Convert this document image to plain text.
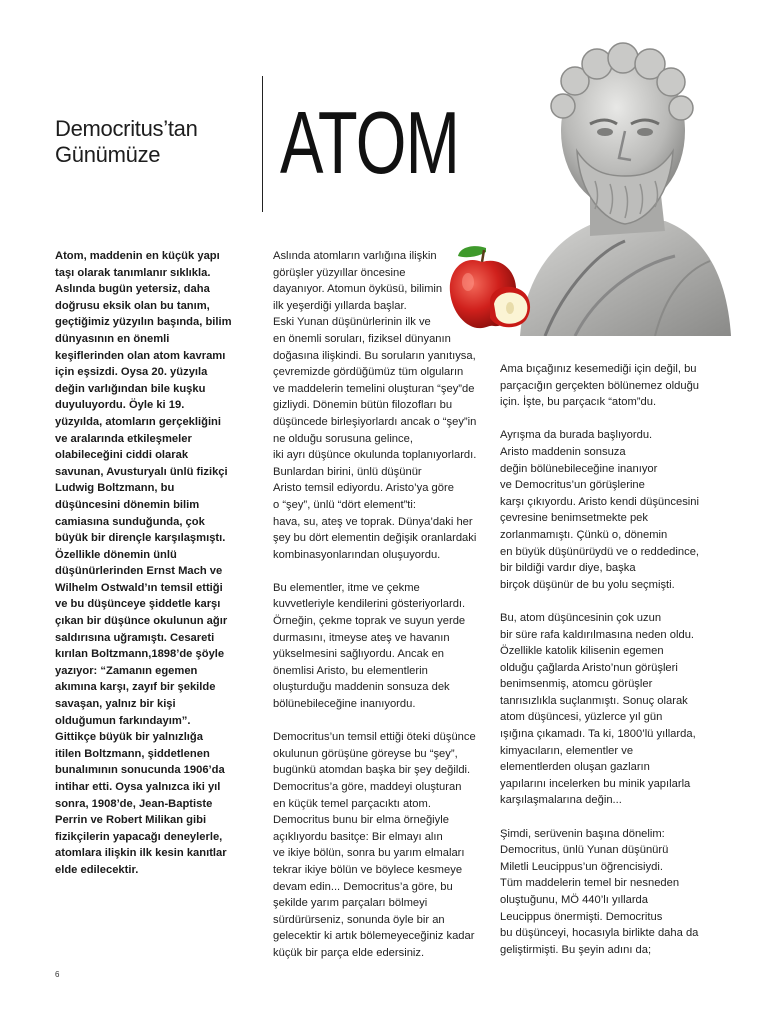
Democritus’tan
Günümüze	ATOM
Atom, maddenin en küçük yapı
taşı olarak tanımlanır sıklıkla.
Aslında bugün yetersiz, daha
doğrusu eksik olan bu tanım,
geçtiğimiz yüzyılın başında, bilim
dünyasının en önemli
keşiflerinden olan atom kavramı
için eşsizdi. Oysa 20. yüzyıla
değin varlığından bile kuşku
duyuluyordu. Öyle ki 19.
yüzyılda, atomların gerçekliğini
ve aralarında etkileşmeler
olabileceğini ciddi olarak
savunan, Avusturyalı ünlü fizikçi
Ludwig Boltzmann, bu
düşüncesini dönemin bilim
camiasına sunduğunda, çok
büyük bir dirençle karşılaşmıştı.
Özellikle dönemin ünlü
düşünürlerinden Ernst Mach ve
Wilhelm Ostwald’ın temsil ettiği
ve bu düşünceye şiddetle karşı
çıkan bir düşünce okulunun ağır
saldırısına uğramıştı. Cesareti
kırılan Boltzmann,1898’de şöyle
yazıyor: “Zamanın egemen
akımına karşı, zayıf bir şekilde
savaşan, yalnız bir kişi
olduğumun farkındayım”.
Gittikçe büyük bir yalnızlığa
itilen Boltzmann, şiddetlenen
bunalımının sonucunda 1906’da
intihar etti. Oysa yalnızca iki yıl
sonra, 1908’de, Jean-Baptiste
Perrin ve Robert Milikan gibi
fizikçilerin yapacağı deneylerle,
atomlara ilişkin ilk kesin kanıtlar
elde edilecektir.

Aslında atomların varlığına ilişkin
görüşler yüzyıllar öncesine
dayanıyor. Atomun öyküsü, bilimin
ilk yeşerdiği yıllarda başlar.
Eski Yunan düşünürlerinin ilk ve
en önemli soruları, fiziksel dünyanın
doğasına ilişkindi. Bu soruların yanıtıysa,
çevremizde gördüğümüz tüm olguların
ve maddelerin temelini oluşturan “şey”de
gizliydi. Dönemin bütün filozofları bu
düşüncede birleşiyorlardı ancak o “şey”in
ne olduğu sorusuna gelince,
iki ayrı düşünce okulunda toplanıyorlardı.
Bunlardan birini, ünlü düşünür
Aristo temsil ediyordu. Aristo’ya göre
o “şey”, ünlü “dört element”ti:
hava, su, ateş ve toprak. Dünya’daki her
şey bu dört elementin değişik oranlardaki
kombinasyonlarından oluşuyordu.

Bu elementler, itme ve çekme
kuvvetleriyle kendilerini gösteriyorlardı.
Örneğin, çekme toprak ve suyun yerde
durmasını, itmeyse ateş ve havanın
yükselmesini sağlıyordu. Ancak en
önemlisi Aristo, bu elementlerin
oluşturduğu maddenin sonsuza dek
bölünebileceğine inanıyordu.

Democritus’un temsil ettiği öteki düşünce
okulunun görüşüne göreyse bu “şey”,
bugünkü atomdan başka bir şey değildi.
Democritus’a göre, maddeyi oluşturan
en küçük temel parçacıktı atom.
Democritus bunu bir elma örneğiyle
açıklıyordu basitçe: Bir elmayı alın
ve ikiye bölün, sonra bu yarım elmaları
tekrar ikiye bölün ve böylece kesmeye
devam edin... Democritus’a göre, bu
şekilde yarım parçaları bölmeyi
sürdürürseniz, sonunda öyle bir an
gelecektir ki artık bölemeyeceğiniz kadar
küçük bir parça elde edersiniz.

Ama bıçağınız kesemediği için değil, bu
parçacığın gerçekten bölünemez olduğu
için. İşte, bu parçacık “atom”du.

Ayrışma da burada başlıyordu.
Aristo maddenin sonsuza
değin bölünebileceğine inanıyor
ve Democritus’un görüşlerine
karşı çıkıyordu. Aristo kendi düşüncesini
çevresine benimsetmekte pek
zorlanmamıştı. Çünkü o, dönemin
en büyük düşünürüydü ve o reddedince,
bir bildiği vardır diye, başka
birçok düşünür de bu yolu seçmişti.

Bu, atom düşüncesinin çok uzun
bir süre rafa kaldırılmasına neden oldu.
Özellikle katolik kilisenin egemen
olduğu çağlarda Aristo’nun görüşleri
benimsenmiş, atomcu görüşler
tanrısızlıkla suçlanmıştı. Sonuç olarak
atom düşüncesi, yüzlerce yıl gün
ışığına çıkamadı. Ta ki, 1800’lü yıllarda,
kimyacıların, elementler ve
elementlerden oluşan gazların
yapılarını incelerken bu minik yapılarla
karşılaşmalarına değin...

Şimdi, serüvenin başına dönelim:
Democritus, ünlü Yunan düşünürü
Miletli Leucippus’un öğrencisiydi.
Tüm maddelerin temel bir nesneden
oluştuğunu, MÖ 440’lı yıllarda
Leucippus önermişti. Democritus
bu düşünceyi, hocasıyla birlikte daha da
geliştirmişti. Bu şeyin adını da;

6
